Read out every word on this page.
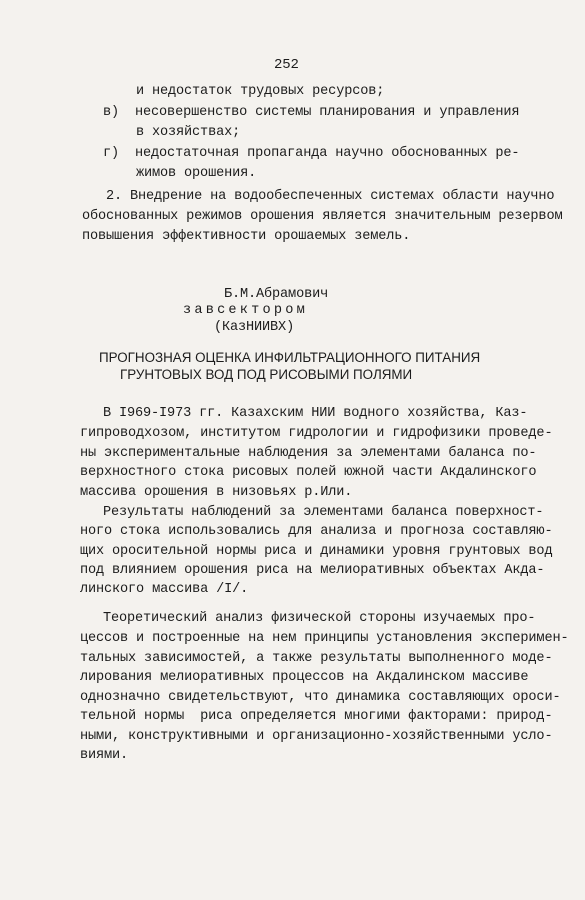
252
и недостаток трудовых ресурсов;
в)  несовершенство системы планирования и управления
в хозяйствах;
г)  недостаточная пропаганда научно обоснованных ре-
жимов орошения.
2. Внедрение на водообеспеченных системах области научно
обоснованных режимов орошения является значительным резервом
повышения эффективности орошаемых земель.
Б.М.Абрамович
завсектором
(КазНИИВХ)
ПРОГНОЗНАЯ ОЦЕНКА ИНФИЛЬТРАЦИОННОГО ПИТАНИЯ
ГРУНТОВЫХ ВОД ПОД РИСОВЫМИ ПОЛЯМИ
В I969-I973 гг. Казахским НИИ водного хозяйства, Каз-
гипроводхозом, институтом гидрологии и гидрофизики проведе-
ны экспериментальные наблюдения за элементами баланса по-
верхностного стока рисовых полей южной части Акдалинского
массива орошения в низовьях р.Или.
Результаты наблюдений за элементами баланса поверхност-
ного стока использовались для анализа и прогноза составляю-
щих оросительной нормы риса и динамики уровня грунтовых вод
под влиянием орошения риса на мелиоративных объектах Акда-
линского массива /I/.
Теоретический анализ физической стороны изучаемых про-
цессов и построенные на нем принципы установления эксперимен-
тальных зависимостей, а также результаты выполненного моде-
лирования мелиоративных процессов на Акдалинском массиве
однозначно свидетельствуют, что динамика составляющих ороси-
тельной нормы  риса определяется многими факторами: природ-
ными, конструктивными и организационно-хозяйственными усло-
виями.
